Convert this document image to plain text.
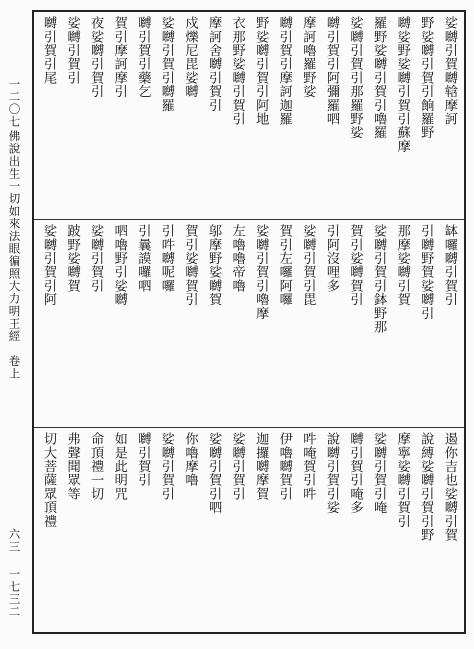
一二〇七
佛說出生一切如來法眼徧照大力明王經　卷上
六三
一七三二
娑嚩引賀嚩𤚥摩訶
野娑嚩引賀引餉羅野
嚩娑野娑嚩引賀引蘇摩
羅野娑嚩引賀引嚕羅
娑嚩引賀引那羅野娑
嚩引賀引阿彌羅呬
摩訶嚕羅野娑
嚩引賀引摩訶迦羅
野娑嚩引賀引阿地
衣那野娑嚩引賀引
摩訶舍嚩引賀引
戍爍尼毘娑嚩
娑嚩引賀引嚩羅
嚩引賀引藥乞
賀引摩訶摩引
夜娑嚩引賀引
娑嚩引賀引
嚩引賀引尾
缽囉嚩引賀引
引嚩野賀娑嚩引
那摩娑嚩引賀
娑嚩引賀引鉢野那
賀引娑嚩賀引
引阿沒哩多
娑嚩引賀引毘
賀引左囉阿囉
娑嚩引賀引嚕摩
左嚕嚕帝嚕
邬摩野娑嚩賀
賀引娑嚩賀引
引吽嚩呢囉
引曩謨囉呬
呬嚕野引娑嚩
娑嚩引賀引
跛野娑嚩賀
娑嚩引賀引阿
遏你吉也娑嚩引賀
說縛娑嚩引賀引野
摩寧娑嚩引賀引
娑嚩引賀引唵
嚩引賀引唵多
說嚩引賀引娑
吽唵賀引吽
伊嚕嚩賀引
迦攞嚩摩賀
娑嚩引賀引
娑嚩引賀引呬
你嚕摩嚕
娑嚩引賀引
嚩引賀引
如是此明咒
命頂禮一切
弗聲聞眾等
切大菩薩眾頂禮
